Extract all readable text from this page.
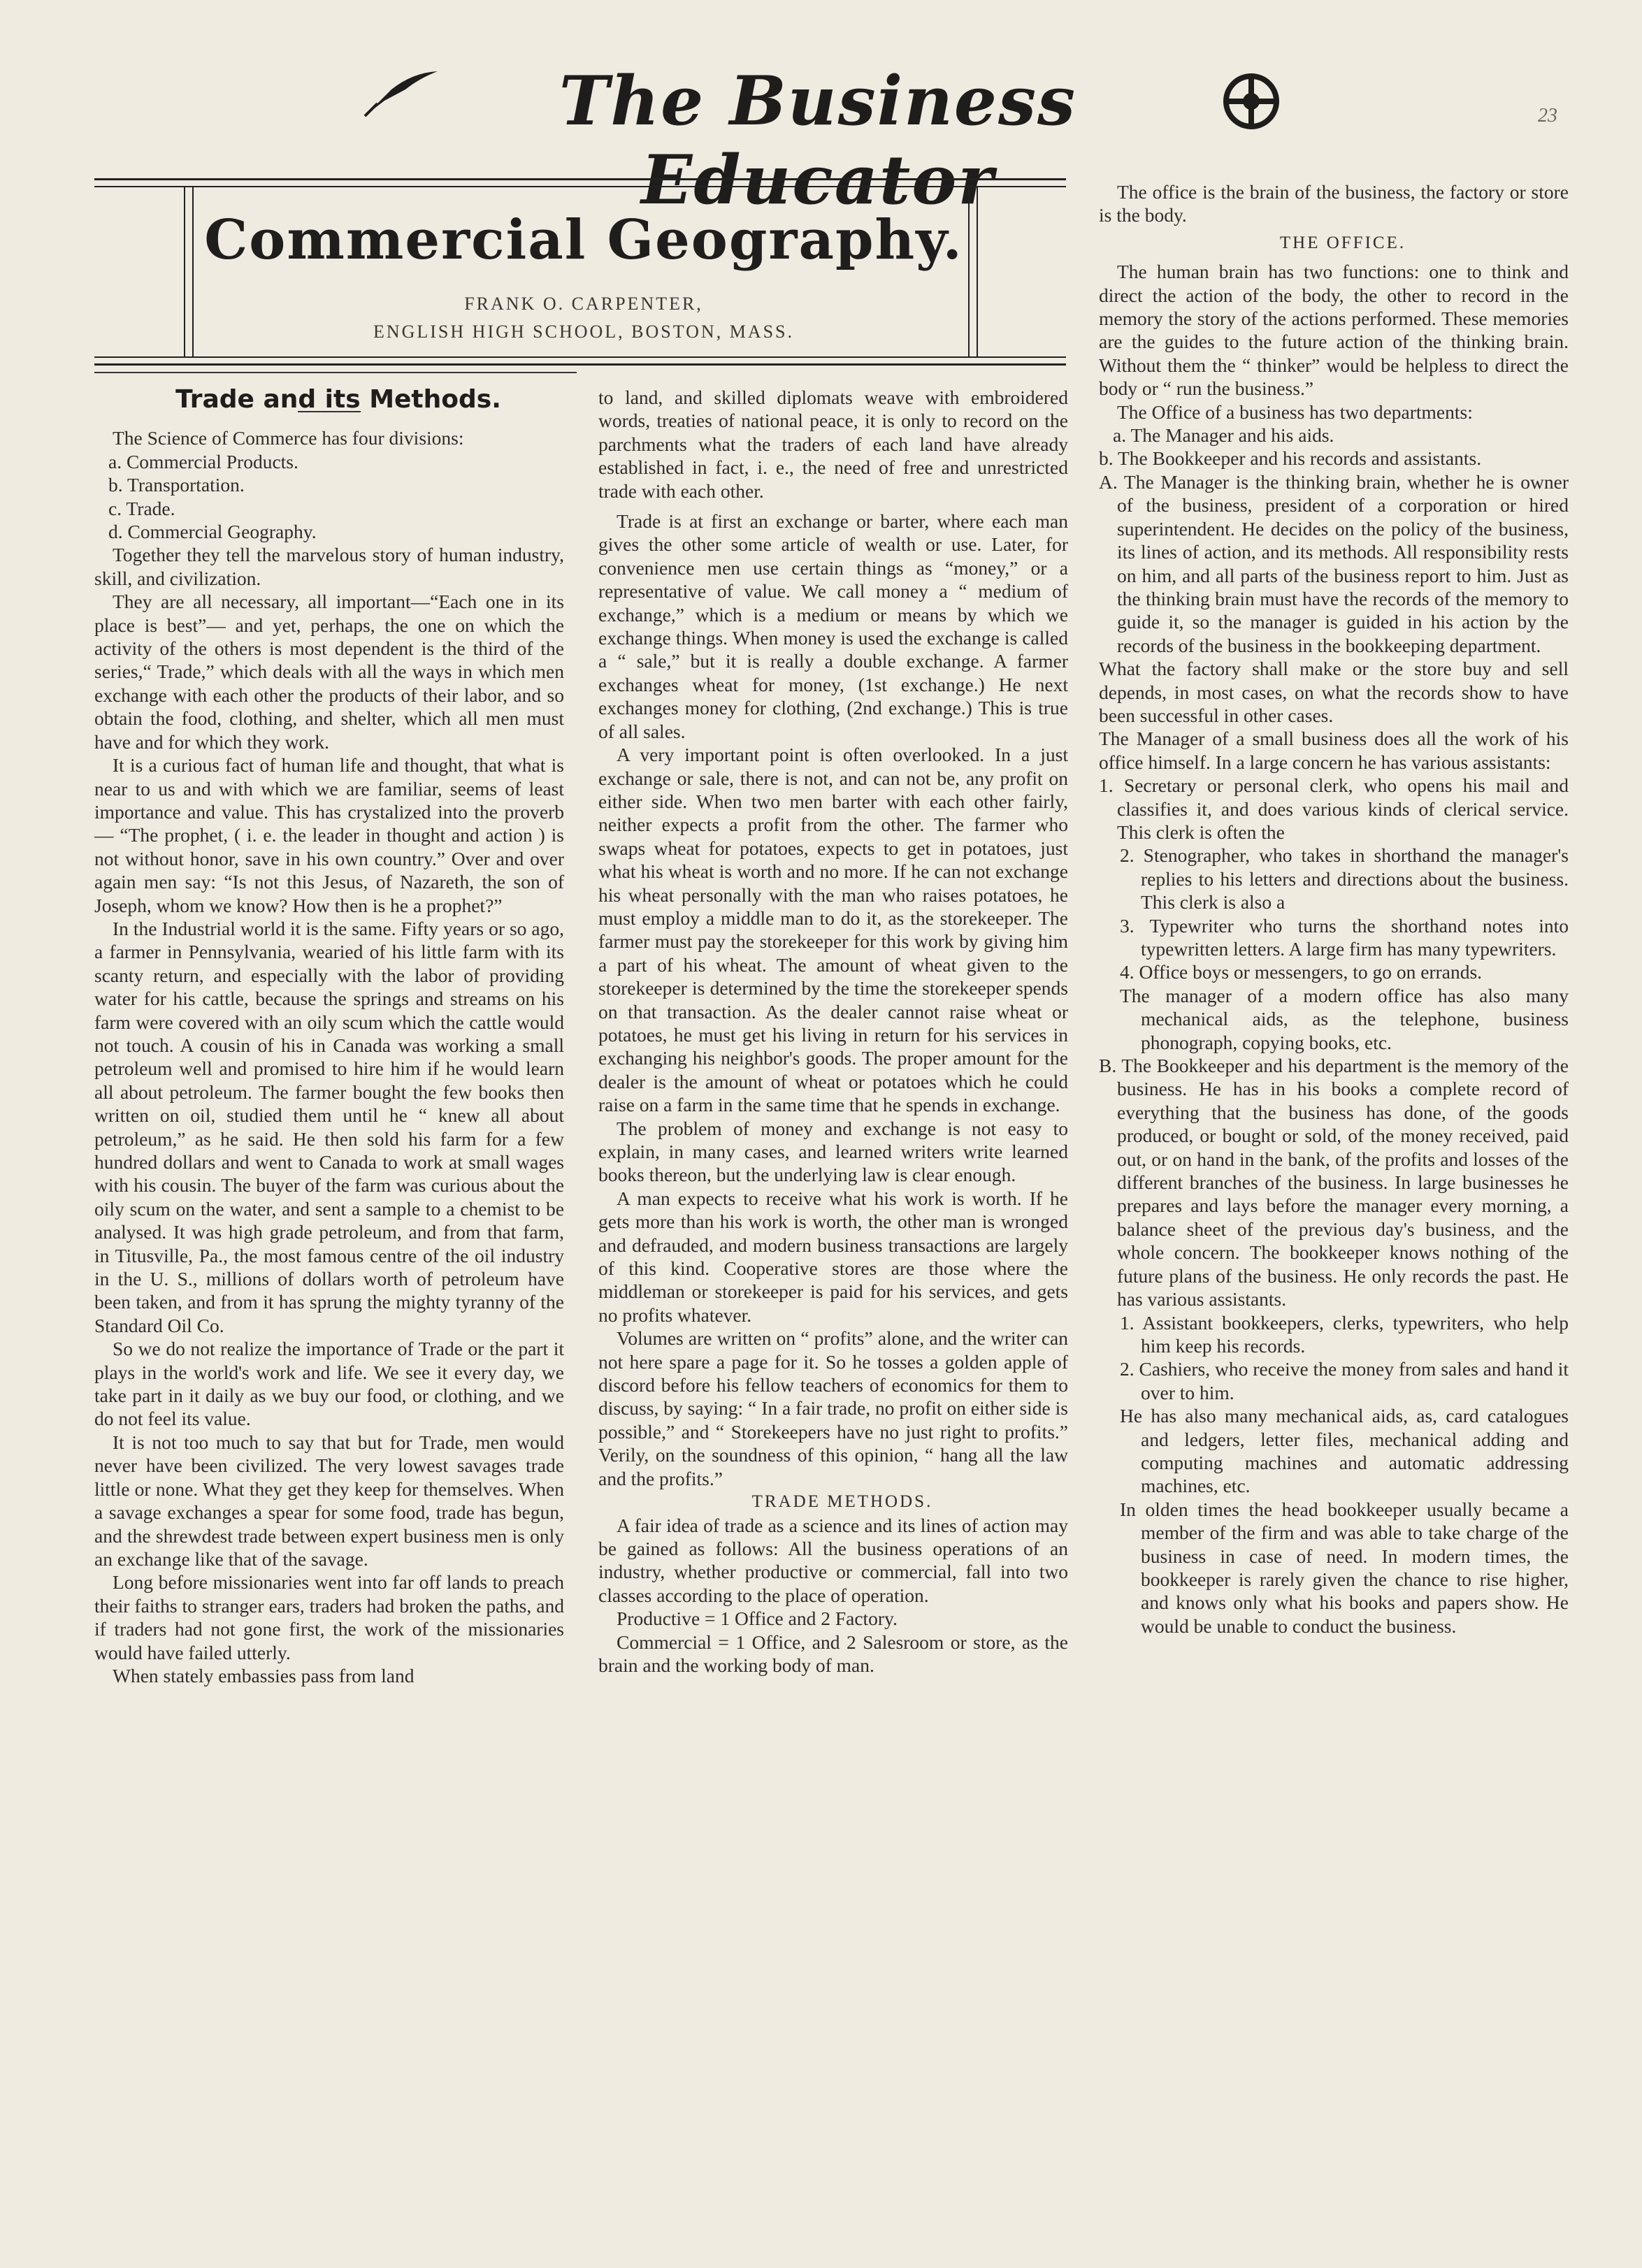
The Business Educator
23
Commercial Geography.
FRANK O. CARPENTER,
ENGLISH HIGH SCHOOL, BOSTON, MASS.

Trade and its Methods.

The Science of Commerce has four divisions:

a. Commercial Products.

b. Transportation.

c. Trade.

d. Commercial Geography.

Together they tell the marvelous story of human industry, skill, and civilization.

They are all necessary, all important—“Each one in its place is best”— and yet, perhaps, the one on which the activity of the others is most dependent is the third of the series,“ Trade,” which deals with all the ways in which men exchange with each other the products of their labor, and so obtain the food, clothing, and shelter, which all men must have and for which they work.

It is a curious fact of human life and thought, that what is near to us and with which we are familiar, seems of least importance and value. This has crystalized into the proverb — “The prophet, ( i. e. the leader in thought and action ) is not without honor, save in his own country.” Over and over again men say: “Is not this Jesus, of Nazareth, the son of Joseph, whom we know? How then is he a prophet?”

In the Industrial world it is the same. Fifty years or so ago, a farmer in Pennsylvania, wearied of his little farm with its scanty return, and especially with the labor of providing water for his cattle, because the springs and streams on his farm were covered with an oily scum which the cattle would not touch. A cousin of his in Canada was working a small petroleum well and promised to hire him if he would learn all about petroleum. The farmer bought the few books then written on oil, studied them until he “ knew all about petroleum,” as he said. He then sold his farm for a few hundred dollars and went to Canada to work at small wages with his cousin. The buyer of the farm was curious about the oily scum on the water, and sent a sample to a chemist to be analysed. It was high grade petroleum, and from that farm, in Titusville, Pa., the most famous centre of the oil industry in the U. S., millions of dollars worth of petroleum have been taken, and from it has sprung the mighty tyranny of the Standard Oil Co.

So we do not realize the importance of Trade or the part it plays in the world's work and life. We see it every day, we take part in it daily as we buy our food, or clothing, and we do not feel its value.

It is not too much to say that but for Trade, men would never have been civilized. The very lowest savages trade little or none. What they get they keep for themselves. When a savage exchanges a spear for some food, trade has begun, and the shrewdest trade between expert business men is only an exchange like that of the savage.

Long before missionaries went into far off lands to preach their faiths to stranger ears, traders had broken the paths, and if traders had not gone first, the work of the missionaries would have failed utterly.

When stately embassies pass from land

to land, and skilled diplomats weave with embroidered words, treaties of national peace, it is only to record on the parchments what the traders of each land have already established in fact, i. e., the need of free and unrestricted trade with each other.

Trade is at first an exchange or barter, where each man gives the other some article of wealth or use. Later, for convenience men use certain things as “money,” or a representative of value. We call money a “ medium of exchange,” which is a medium or means by which we exchange things. When money is used the exchange is called a “ sale,” but it is really a double exchange. A farmer exchanges wheat for money, (1st exchange.) He next exchanges money for clothing, (2nd exchange.) This is true of all sales.

A very important point is often overlooked. In a just exchange or sale, there is not, and can not be, any profit on either side. When two men barter with each other fairly, neither expects a profit from the other. The farmer who swaps wheat for potatoes, expects to get in potatoes, just what his wheat is worth and no more. If he can not exchange his wheat personally with the man who raises potatoes, he must employ a middle man to do it, as the storekeeper. The farmer must pay the storekeeper for this work by giving him a part of his wheat. The amount of wheat given to the storekeeper is determined by the time the storekeeper spends on that transaction. As the dealer cannot raise wheat or potatoes, he must get his living in return for his services in exchanging his neighbor's goods. The proper amount for the dealer is the amount of wheat or potatoes which he could raise on a farm in the same time that he spends in exchange.

The problem of money and exchange is not easy to explain, in many cases, and learned writers write learned books thereon, but the underlying law is clear enough.

A man expects to receive what his work is worth. If he gets more than his work is worth, the other man is wronged and defrauded, and modern business transactions are largely of this kind. Cooperative stores are those where the middleman or storekeeper is paid for his services, and gets no profits whatever.

Volumes are written on “ profits” alone, and the writer can not here spare a page for it. So he tosses a golden apple of discord before his fellow teachers of economics for them to discuss, by saying: “ In a fair trade, no profit on either side is possible,” and “ Storekeepers have no just right to profits.” Verily, on the soundness of this opinion, “ hang all the law and the profits.”

TRADE METHODS.

A fair idea of trade as a science and its lines of action may be gained as follows: All the business operations of an industry, whether productive or commercial, fall into two classes according to the place of operation.

Productive = 1 Office and 2 Factory.

Commercial = 1 Office, and 2 Salesroom or store, as the brain and the working body of man.

The office is the brain of the business, the factory or store is the body.

THE OFFICE.

The human brain has two functions: one to think and direct the action of the body, the other to record in the memory the story of the actions performed. These memories are the guides to the future action of the thinking brain. Without them the “ thinker” would be helpless to direct the body or “ run the business.”

The Office of a business has two departments:

a. The Manager and his aids.

b. The Bookkeeper and his records and assistants.

A. The Manager is the thinking brain, whether he is owner of the business, president of a corporation or hired superintendent. He decides on the policy of the business, its lines of action, and its methods. All responsibility rests on him, and all parts of the business report to him. Just as the thinking brain must have the records of the memory to guide it, so the manager is guided in his action by the records of the business in the bookkeeping department.

What the factory shall make or the store buy and sell depends, in most cases, on what the records show to have been successful in other cases.

The Manager of a small business does all the work of his office himself. In a large concern he has various assistants:

1. Secretary or personal clerk, who opens his mail and classifies it, and does various kinds of clerical service. This clerk is often the

2. Stenographer, who takes in shorthand the manager's replies to his letters and directions about the business. This clerk is also a

3. Typewriter who turns the shorthand notes into typewritten letters. A large firm has many typewriters.

4. Office boys or messengers, to go on errands.

The manager of a modern office has also many mechanical aids, as the telephone, business phonograph, copying books, etc.

B. The Bookkeeper and his department is the memory of the business. He has in his books a complete record of everything that the business has done, of the goods produced, or bought or sold, of the money received, paid out, or on hand in the bank, of the profits and losses of the different branches of the business. In large businesses he prepares and lays before the manager every morning, a balance sheet of the previous day's business, and the whole concern. The bookkeeper knows nothing of the future plans of the business. He only records the past. He has various assistants.

1. Assistant bookkeepers, clerks, typewriters, who help him keep his records.

2. Cashiers, who receive the money from sales and hand it over to him.

He has also many mechanical aids, as, card catalogues and ledgers, letter files, mechanical adding and computing machines and automatic addressing machines, etc.

In olden times the head bookkeeper usually became a member of the firm and was able to take charge of the business in case of need. In modern times, the bookkeeper is rarely given the chance to rise higher, and knows only what his books and papers show. He would be unable to conduct the business.
